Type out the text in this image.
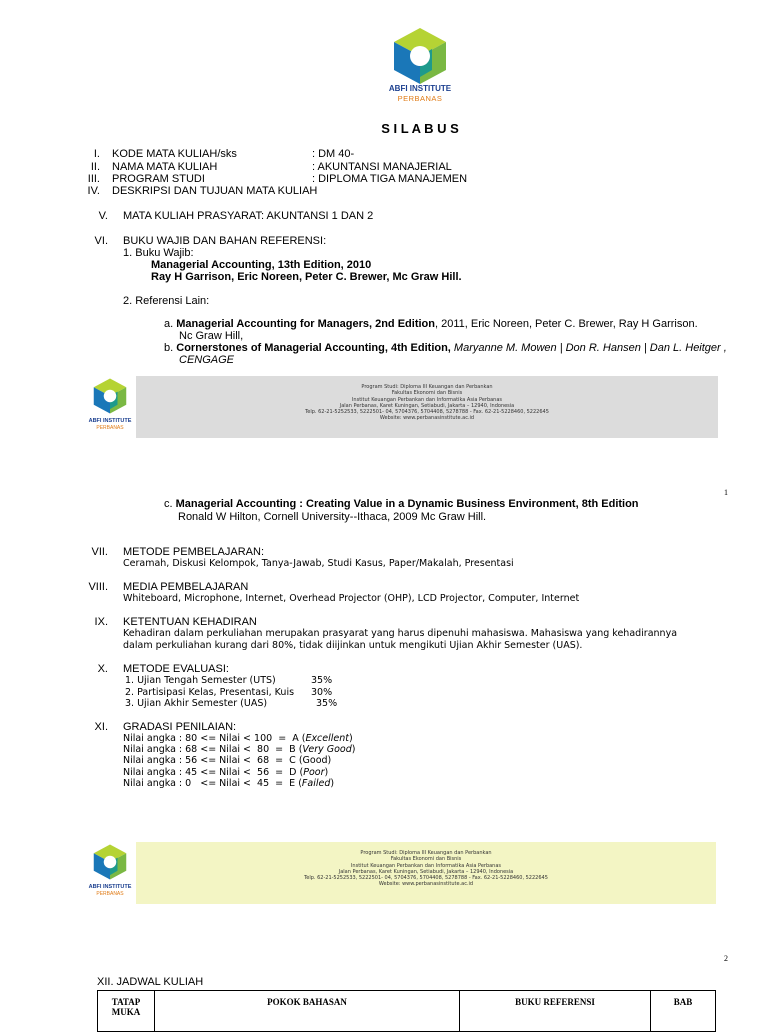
ABFI INSTITUTE
PERBANAS
S I L A B U S
I. KODE MATA KULIAH/sks	: DM 40-
II. NAMA MATA KULIAH	: AKUNTANSI MANAJERIAL
III. PROGRAM STUDI	: DIPLOMA TIGA MANAJEMEN
IV. DESKRIPSI DAN TUJUAN MATA KULIAH
V. MATA KULIAH PRASYARAT: AKUNTANSI 1 DAN 2
VI. BUKU WAJIB DAN BAHAN REFERENSI:
1. Buku Wajib:
Managerial Accounting, 13th Edition, 2010
Ray H Garrison, Eric Noreen, Peter C. Brewer, Mc Graw Hill.
2. Referensi Lain:
a. Managerial Accounting for Managers, 2nd Edition, 2011, Eric Noreen, Peter C. Brewer, Ray H Garrison.
Nc Graw Hill,
b. Cornerstones of Managerial Accounting, 4th Edition, Maryanne M. Mowen | Don R. Hansen | Dan L. Heitger ,
CENGAGE
ABFI INSTITUTE
PERBANAS
Program Studi: Diploma III Keuangan dan Perbankan
Fakultas Ekonomi dan Bisnis
Institut Keuangan Perbankan dan Informatika Asia Perbanas
Jalan Perbanas, Karet Kuningan, Setiabudi, Jakarta – 12940, Indonesia
Telp. 62-21-5252533, 5222501- 04, 5704376, 5704408, 5278788 - Fax. 62-21-5228460, 5222645
Website: www.perbanasinstitute.ac.id
1
c. Managerial Accounting : Creating Value in a Dynamic Business Environment, 8th Edition
Ronald W Hilton, Cornell University--Ithaca, 2009 Mc Graw Hill.
VII. METODE PEMBELAJARAN:
Ceramah, Diskusi Kelompok, Tanya-Jawab, Studi Kasus, Paper/Makalah, Presentasi
VIII. MEDIA PEMBELAJARAN
Whiteboard, Microphone, Internet, Overhead Projector (OHP), LCD Projector, Computer, Internet
IX. KETENTUAN KEHADIRAN
Kehadiran dalam perkuliahan merupakan prasyarat yang harus dipenuhi mahasiswa. Mahasiswa yang kehadirannya
dalam perkuliahan kurang dari 80%, tidak diijinkan untuk mengikuti Ujian Akhir Semester (UAS).
X. METODE EVALUASI:
1. Ujian Tengah Semester (UTS)	35%
2. Partisipasi Kelas, Presentasi, Kuis 30%
3. Ujian Akhir Semester (UAS)	35%
XI. GRADASI PENILAIAN:
Nilai angka : 80 <= Nilai < 100  =  A (Excellent)
Nilai angka : 68 <= Nilai <  80  =  B (Very Good)
Nilai angka : 56 <= Nilai <  68  =  C (Good)
Nilai angka : 45 <= Nilai <  56  =  D (Poor)
Nilai angka : 0   <= Nilai <  45  =  E (Failed)
ABFI INSTITUTE
PERBANAS
Program Studi: Diploma III Keuangan dan Perbankan
Fakultas Ekonomi dan Bisnis
Institut Keuangan Perbankan dan Informatika Asia Perbanas
Jalan Perbanas, Karet Kuningan, Setiabudi, Jakarta – 12940, Indonesia
Telp. 62-21-5252533, 5222501- 04, 5704376, 5704408, 5278788 - Fax. 62-21-5228460, 5222645
Website: www.perbanasinstitute.ac.id
2
XII. JADWAL KULIAH
TATAP
MUKA
	POKOK BAHASAN	BUKU REFERENSI	BAB
